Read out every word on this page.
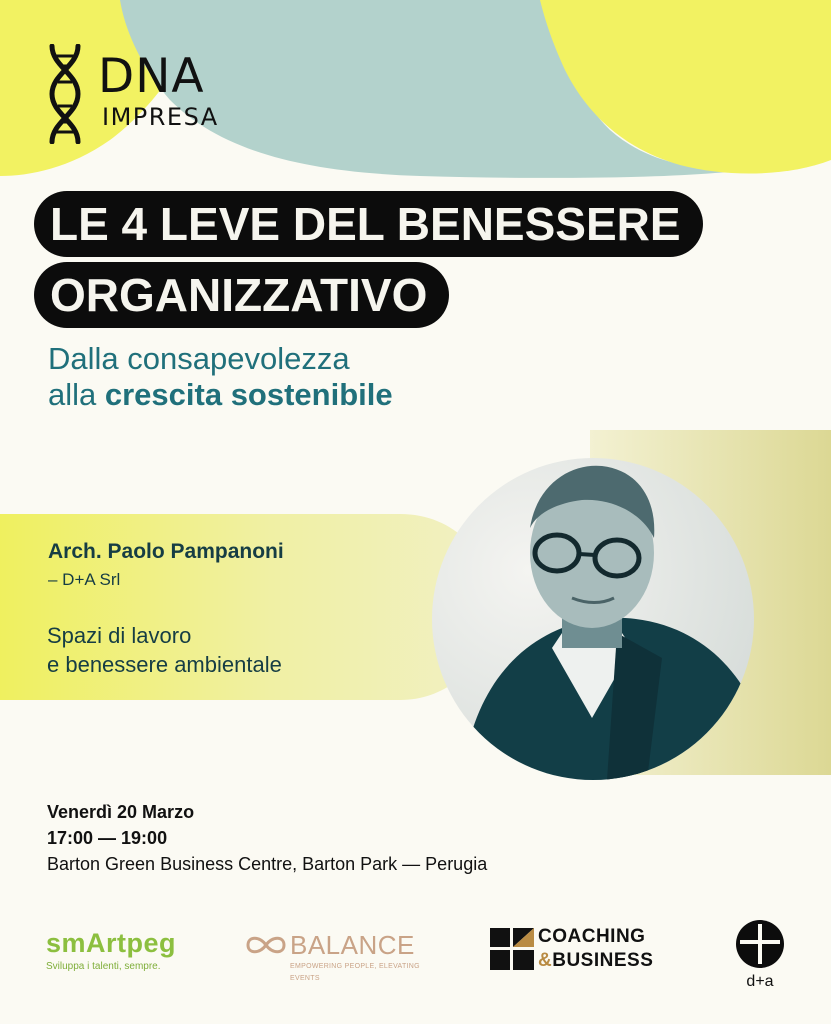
DNA
IMPRESA
LE 4 LEVE DEL BENESSERE
ORGANIZZATIVO
Dalla consapevolezza
alla crescita sostenibile
Arch. Paolo Pampanoni
– D+A Srl
Spazi di lavoro
e benessere ambientale
Venerdì 20 Marzo
17:00 — 19:00
Barton Green Business Centre, Barton Park — Perugia
smArtpeg
Sviluppa i talenti, sempre.
BALANCE
EMPOWERING PEOPLE, ELEVATING EVENTS
COACHING
&BUSINESS
d+a
